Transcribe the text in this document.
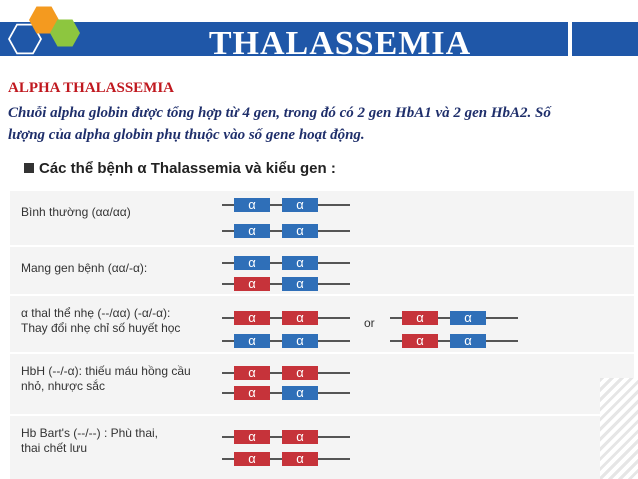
THALASSEMIA
ALPHA THALASSEMIA
Chuỗi alpha globin được tổng hợp từ 4 gen, trong đó có 2 gen HbA1 và 2 gen HbA2. Số lượng của alpha globin phụ thuộc vào số gene hoạt động.
Các thể bệnh α Thalassemia và kiểu gen :
Bình thường (αα/αα)	α	α
α	α
Mang gen bệnh (αα/-α):	α	α
α	α
α thal thể nhẹ (--/αα) (-α/-α):
Thay đổi nhẹ chỉ số huyết học
α	α
α	α
α	α
α	α
or
HbH (--/-α): thiếu máu hồng cầu
nhỏ, nhược sắc
α	α
α	α
Hb Bart's (--/--) : Phù thai,
thai chết lưu
α	α
α	α
